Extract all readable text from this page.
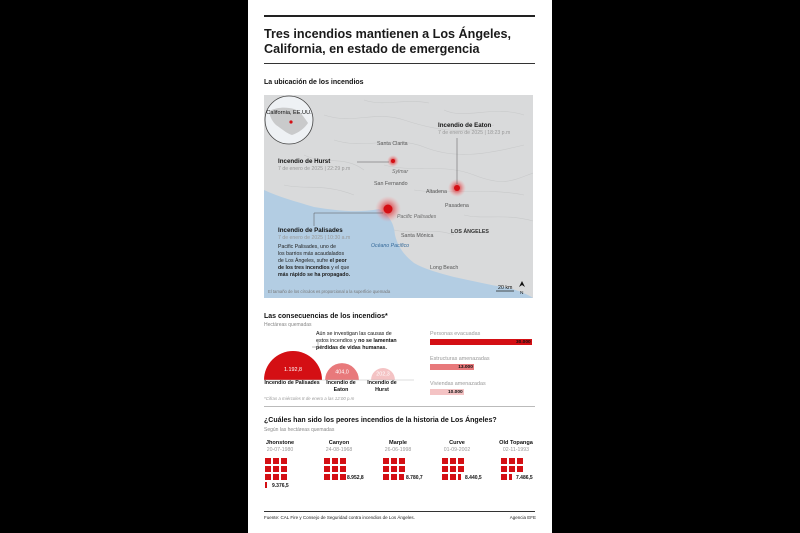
Tres incendios mantienen a Los Ángeles, California, en estado de emergencia
La ubicación de los incendios
California, EE.UU.
Incendio de Eaton
7 de enero de 2025 | 18:23 p.m
Incendio de Hurst
7 de enero de 2025 | 22:29 p.m
Incendio de Palisades
7 de enero de 2025 | 10:30 a.m
Santa Clarita
Sylmar
San Fernando
Altadena
Pasadena
Pacific Palisades
Santa Mónica
LOS ÁNGELES
Long Beach
Océano Pacífico
Pacific Palisades, uno de
los barrios más acaudalados
de Los Ángeles, sufre el peor
de los tres incendios y el que
más rápido se ha propagado.
El tamaño de los círculos es proporcional a la superficie quemada
20 km
N
Las consecuencias de los incendios*
Hectáreas quemadas
Aún se investigan las causas de
estos incendios y no se lamentan
pérdidas de vidas humanas.
1.192,8	404,0	202,3
Incendio de Palisades	Incendio de Eaton
Incendio de Hurst
*Cifras a miércoles 8 de enero a las 12:00 p.m
Personas evacuadas
30.000
Estructuras amenazadas
13.000
Viviendas amenazadas
10.000
¿Cuáles han sido los peores incendios de la historia de Los Ángeles?
Según las hectáreas quemadas
Jhonstone
20-07-1980
9.376,5
Canyon
24-08-1968
8.952,8
Marple
26-06-1998
8.780,7
Curve
01-09-2002
8.440,5
Old Topanga
02-11-1993
7.486,5
Fuente: CAL Fire y Consejo de Seguridad contra incendios de Los Ángeles.	Agencia EFE
